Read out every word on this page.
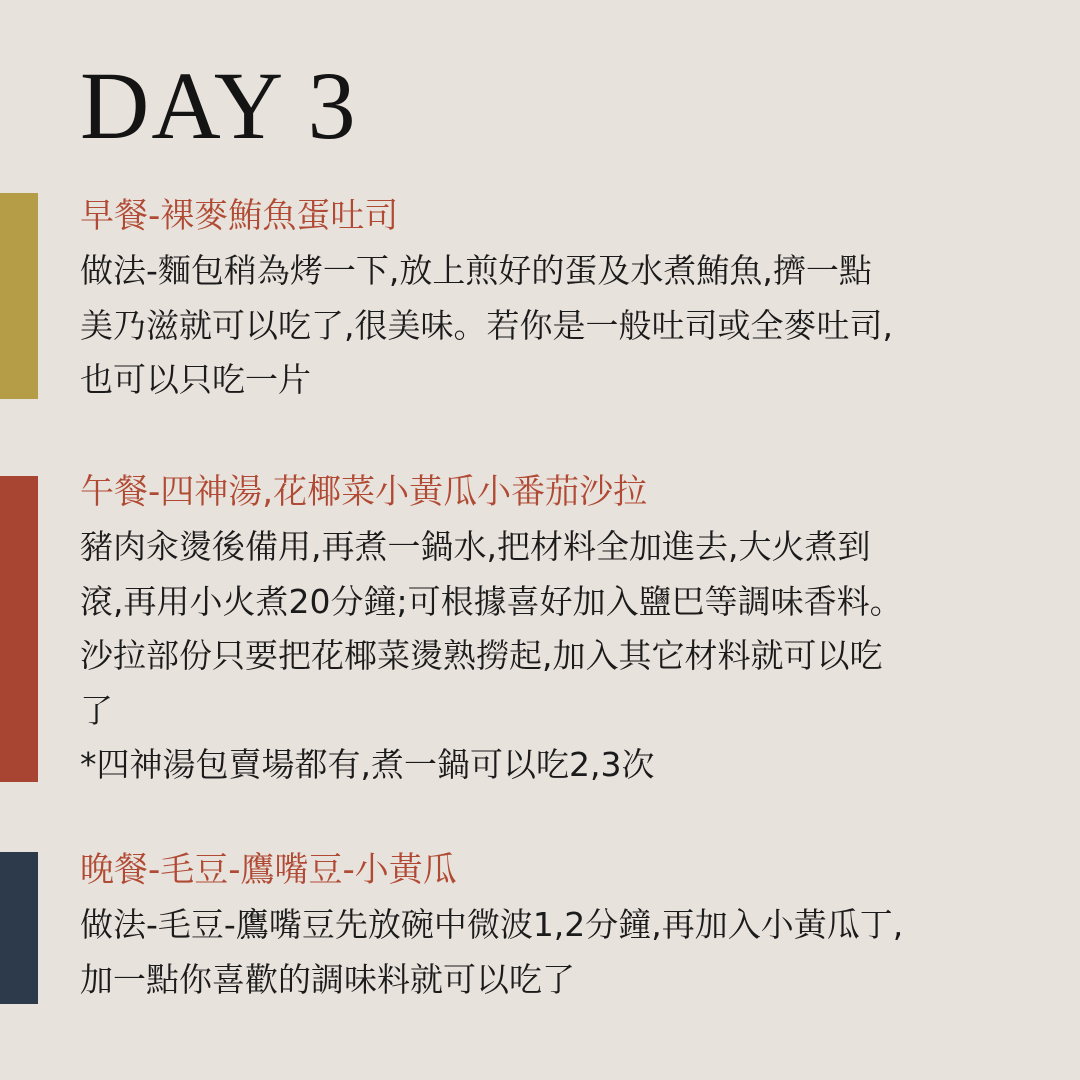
DAY 3
早餐-裸麥鮪魚蛋吐司

做法-麵包稍為烤一下,放上煎好的蛋及水煮鮪魚,擠一點

美乃滋就可以吃了,很美味。若你是一般吐司或全麥吐司,

也可以只吃一片

午餐-四神湯,花椰菜小黃瓜小番茄沙拉

豬肉汆燙後備用,再煮一鍋水,把材料全加進去,大火煮到

滾,再用小火煮20分鐘;可根據喜好加入鹽巴等調味香料。

沙拉部份只要把花椰菜燙熟撈起,加入其它材料就可以吃

了

*四神湯包賣場都有,煮一鍋可以吃2,3次

晚餐-毛豆-鷹嘴豆-小黃瓜

做法-毛豆-鷹嘴豆先放碗中微波1,2分鐘,再加入小黃瓜丁,

加一點你喜歡的調味料就可以吃了
